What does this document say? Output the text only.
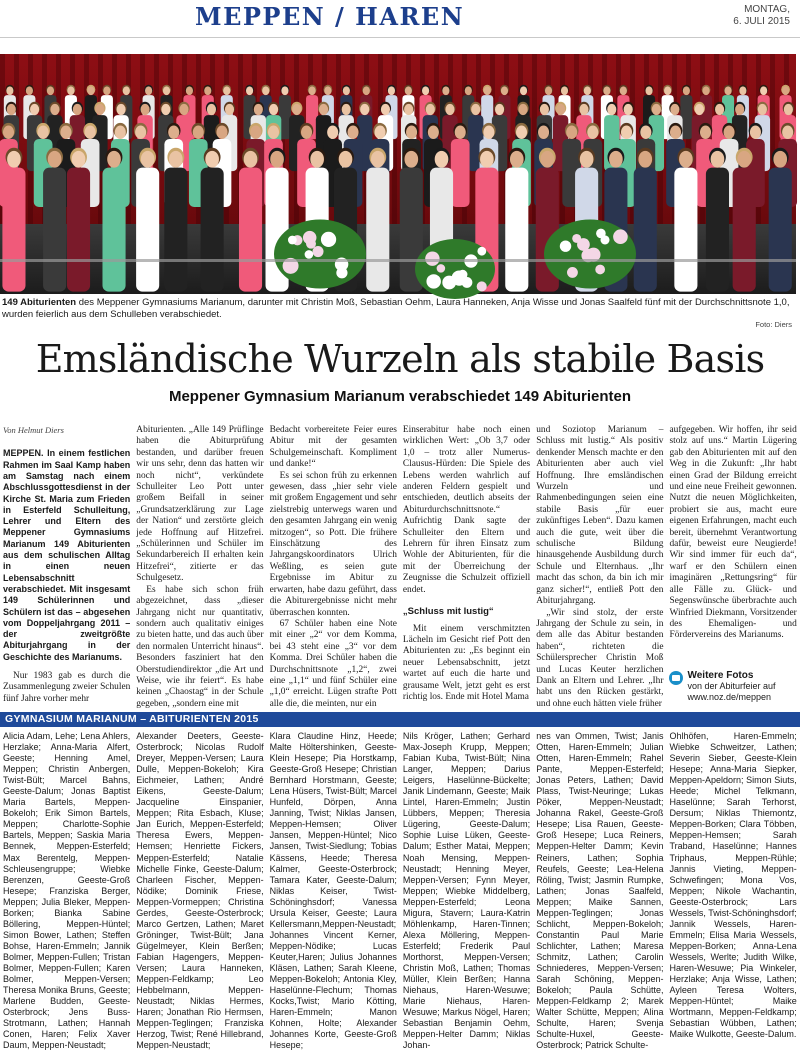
MEPPEN / HAREN	MONTAG,
6. JULI 2015
149 Abiturienten des Meppener Gymnasiums Marianum, darunter mit Christin Moß, Sebastian Oehm, Laura Hanneken, Anja Wisse und Jonas Saalfeld fünf mit der Durchschnittsnote 1,0, wurden feierlich aus dem Schulleben verabschiedet.
Foto: Diers
Emsländische Wurzeln als stabile Basis
Meppener Gymnasium Marianum verabschiedet 149 Abiturienten

Von Helmut Diers

MEPPEN. In einem festlichen Rahmen im Saal Kamp haben am Samstag nach einem Abschlussgottesdienst in der Kirche St. Maria zum Frieden in Esterfeld Schulleitung, Lehrer und Eltern des Meppener Gymnasiums Marianum 149 Abiturienten aus dem schulischen Alltag in einen neuen Lebensabschnitt verabschiedet. Mit insgesamt 149 Schülerinnen und Schülern ist das – abgesehen vom Doppeljahrgang 2011 – der zweitgrößte Abiturjahrgang in der Geschichte des Marianums.

Nur 1983 gab es durch die Zusammenlegung zweier Schulen fünf Jahre vorher mehr

Abiturienten. „Alle 149 Prüflinge haben die Abiturprüfung bestanden, und darüber freuen wir uns sehr, denn das hatten wir noch nicht“, verkündete Schulleiter Leo Pott unter großem Beifall in seiner „Grundsatzerklärung zur Lage der Nation“ und zerstörte gleich jede Hoffnung auf Hitzefrei. „Schülerinnen und Schüler im Sekundarbereich II erhalten kein Hitzefrei“, zitierte er das Schulgesetz.

Es habe sich schon früh abgezeichnet, dass „dieser Jahrgang nicht nur quantitativ, sondern auch qualitativ einiges zu bieten hatte, und das auch über den normalen Unterricht hinaus“. Besonders fasziniert hat den Oberstudiendirektor „die Art und Weise, wie ihr feiert“. Es habe keinen „Chaostag“ in der Schule gegeben, „sondern eine mit

Bedacht vorbereitete Feier eures Abitur mit der gesamten Schulgemeinschaft. Kompliment und danke!“

Es sei schon früh zu erkennen gewesen, dass „hier sehr viele mit großem Engagement und sehr zielstrebig unterwegs waren und den gesamten Jahrgang ein wenig mitzogen“, so Pott. Die frühere Einschätzung des Jahrgangskoordinators Ulrich Weßling, es seien gute Ergebnisse im Abitur zu erwarten, habe dazu geführt, dass die Abiturergebnisse nicht mehr überraschen konnten.

67 Schüler haben eine Note mit einer „2“ vor dem Komma, bei 43 steht eine „3“ vor dem Komma. Drei Schüler haben die Durchschnittsnote „1,2“, zwei eine „1,1“ und fünf Schüler eine „1,0“ erreicht. Lügen strafte Pott alle die, die meinten, nur ein

Einserabitur habe noch einen wirklichen Wert: „Ob 3,7 oder 1,0 – trotz aller Numerus-Clausus-Hürden: Die Spiele des Lebens werden wahrlich auf anderen Feldern gespielt und entschieden, deutlich abseits der Abiturdurchschnittsnote.“ Aufrichtig Dank sagte der Schulleiter den Eltern und Lehrern für ihren Einsatz zum Wohle der Abiturienten, für die mit der Überreichung der Zeugnisse die Schulzeit offiziell endet.

„Schluss mit lustig“

Mit einem verschmitzten Lächeln im Gesicht rief Pott den Abiturienten zu: „Es beginnt ein neuer Lebensabschnitt, jetzt wartet auf euch die harte und grausame Welt, jetzt geht es erst richtig los. Ende mit Hotel Mama

und Soziotop Marianum – Schluss mit lustig.“ Als positiv denkender Mensch machte er den Abiturienten aber auch viel Hoffnung. Ihre emsländischen Wurzeln und Rahmenbedingungen seien eine stabile Basis „für euer zukünftiges Leben“. Dazu kamen auch die gute, weit über die schulische Bildung hinausgehende Ausbildung durch Schule und Elternhaus. „Ihr macht das schon, da bin ich mir ganz sicher!“, entließ Pott den Abiturjahrgang.

„Wir sind stolz, der erste Jahrgang der Schule zu sein, in dem alle das Abitur bestanden haben“, richteten die Schülersprecher Christin Moß und Lucas Keuter herzlichen Dank an Eltern und Lehrer. „Ihr habt uns den Rücken gestärkt, und ohne euch hätten viele früher

aufgegeben. Wir hoffen, ihr seid stolz auf uns.“ Martin Lügering gab den Abiturienten mit auf den Weg in die Zukunft: „Ihr habt einen Grad der Bildung erreicht und eine neue Freiheit gewonnen. Nutzt die neuen Möglichkeiten, probiert sie aus, macht eure eigenen Erfahrungen, macht euch bereit, übernehmt Verantwortung dafür, beweist eure Neugierde! Wir sind immer für euch da“, warf er den Schülern einen imaginären „Rettungsring“ für alle Fälle zu. Glück- und Segenswünsche überbrachte auch Winfried Diekmann, Vorsitzender des Ehemaligen- und Fördervereins des Marianums.

Weitere Fotos
von der Abiturfeier auf
www.noz.de/meppen
GYMNASIUM MARIANUM – ABITURIENTEN 2015
Alicia Adam, Lehe; Lena Ahlers, Herzlake; Anna-Maria Alfert, Geeste; Henning Amel, Meppen; Christin Anbergen, Twist-Bült; Marcel Bahns, Geeste-Dalum; Jonas Baptist Maria Bartels, Meppen-Bokeloh; Erik Simon Bartels, Meppen; Charlotte-Sophie Bartels, Meppen; Saskia Maria Bennek, Meppen-Esterfeld; Max Berentelg, Meppen-Schleusengruppe; Wiebke Berenzen, Geeste-Groß Hesepe; Franziska Berger, Meppen; Julia Bleker, Meppen-Borken; Bianka Sabine Böllering, Meppen-Hüntel; Simon Bower, Lathen; Steffen Bohse, Haren-Emmeln; Jannik Bolmer, Meppen-Fullen; Tristan Bolmer, Meppen-Fullen; Karen Bolmer, Meppen-Versen; Theresa Monika Bruns, Geeste; Marlene Budden, Geeste-Osterbrock; Jens Buss-Strotmann, Lathen; Hannah Conen, Haren; Felix Xaver Daum, Meppen-Neustadt;
Alexander Deeters, Geeste-Osterbrock; Nicolas Rudolf Dreyer, Meppen-Versen; Laura Dulle, Meppen-Bokeloh; Kira Eichmeier, Lathen; André Eikens, Geeste-Dalum; Jacqueline Einspanier, Meppen; Rita Esbach, Kluse; Jan Eurich, Meppen-Esterfeld; Theresa Ewers, Meppen-Hemsen; Henriette Fickers, Meppen-Esterfeld; Natalie Michelle Finke, Geeste-Dalum; Charleen Fischer, Meppen-Nödike; Dominik Friese, Meppen-Vormeppen; Christina Gerdes, Geeste-Osterbrock; Marco Gertzen, Lathen; Maret Gröninger, Twist-Bült; Jana Gügelmeyer, Klein Berßen; Fabian Hagengers, Meppen-Versen; Laura Hanneken, Meppen-Feldkamp; Leo Hebbelmann, Meppen-Neustadt; Niklas Hermes, Haren; Jonathan Rio Hermsen, Meppen-Teglingen; Franziska Herzog, Twist; René Hillebrand, Meppen-Neustadt;
Klara Claudine Hinz, Heede; Malte Höltershinken, Geeste-Klein Hesepe; Pia Horstkamp, Geeste-Groß Hesepe; Christian Bernhard Horstmann, Geeste; Lena Hüsers, Twist-Bült; Marcel Hunfeld, Dörpen, Anna Janning, Twist; Niklas Jansen, Meppen-Hemsen; Oliver Jansen, Meppen-Hüntel; Nico Jansen, Twist-Siedlung; Tobias Kässens, Heede; Theresa Kalmer, Geeste-Osterbrock; Tamara Kater, Geeste-Dalum; Niklas Keiser, Twist-Schöninghsdorf; Vanessa Ursula Keiser, Geeste; Laura Kellersmann,Meppen-Neustadt; Johannes Vincent Kerner, Meppen-Nödike; Lucas Keuter,Haren; Julius Johannes Kläsen, Lathen; Sarah Kleene, Meppen-Bokeloh; Antonia Kley, Haselünne-Flechum; Thomas Kocks,Twist; Mario Kötting, Haren-Emmeln; Manon Kohnen, Holte; Alexander Johannes Korte, Geeste-Groß Hesepe;
Nils Kröger, Lathen; Gerhard Max-Joseph Krupp, Meppen; Fabian Kuba, Twist-Bült; Nina Langer, Meppen; Darius Leigers, Haselünne-Bückelte; Janik Lindemann, Geeste; Maik Lintel, Haren-Emmeln; Justin Lübbers, Meppen; Theresia Lügering, Geeste-Dalum; Sophie Luise Lüken, Geeste-Dalum; Esther Matai, Meppen; Noah Mensing, Meppen-Neustadt; Henning Meyer, Meppen-Versen; Fynn Meyer, Meppen; Wiebke Middelberg, Meppen-Esterfeld; Leona Migura, Stavern; Laura-Katrin Möhlenkamp, Haren-Tinnen; Alexa Möllering, Meppen-Esterfeld; Frederik Paul Morthorst, Meppen-Versen; Christin Moß, Lathen; Thomas Müller, Klein Berßen; Hanna Niehaus, Haren-Wesuwe; Marie Niehaus, Haren-Wesuwe; Markus Nögel, Haren; Sebastian Benjamin Oehm, Meppen-Helter Damm; Niklas Johan-
nes van Ommen, Twist; Janis Otten, Haren-Emmeln; Julian Otten, Haren-Emmeln; Rahel Pante, Meppen-Esterfeld; Jonas Peters, Lathen; David Plass, Twist-Neuringe; Lukas Pöker, Meppen-Neustadt; Johanna Rakel, Geeste-Groß Hesepe; Lisa Rauen, Geeste-Groß Hesepe; Luca Reiners, Meppen-Helter Damm; Kevin Reiners, Lathen; Sophia Reufels, Geeste; Lea-Helena Röling, Twist; Jasmin Rumpke, Lathen; Jonas Saalfeld, Meppen; Maike Sannen, Meppen-Teglingen; Jonas Schlicht, Meppen-Bokeloh; Constantin Paul Marie Schlichter, Lathen; Maresa Schmitz, Lathen; Carolin Schniederes, Meppen-Versen; Sarah Schöning, Meppen-Bokeloh; Paula Schütte, Meppen-Feldkamp 2; Marek Walter Schütte, Meppen; Alina Schulte, Haren; Svenja Schulte-Huxel, Geeste-Osterbrock; Patrick Schulte-
Ohlhöfen, Haren-Emmeln; Wiebke Schweitzer, Lathen; Severin Sieber, Geeste-Klein Hesepe; Anna-Maria Siepker, Meppen-Apeldorn; Simon Siuts, Heede; Michel Telkmann, Haselünne; Sarah Terhorst, Dersum; Niklas Thiemontz, Meppen-Borken; Clara Többen, Meppen-Hemsen; Sarah Traband, Haselünne; Hannes Triphaus, Meppen-Rühle; Jannis Vieting, Meppen-Schwefingen; Mona Vos, Meppen; Nikole Wachantin, Geeste-Osterbrock; Lars Wessels, Twist-Schöninghsdorf; Jannik Wessels, Haren-Emmeln; Elisa Maria Wessels, Meppen-Borken; Anna-Lena Wessels, Werlte; Judith Wilke, Haren-Wesuwe; Pia Winkeler, Herzlake; Anja Wisse, Lathen; Ayleen Teresa Wolters, Meppen-Hüntel; Maike Wortmann, Meppen-Feldkamp; Sebastian Wübben, Lathen; Maike Wulkotte, Geeste-Dalum.
